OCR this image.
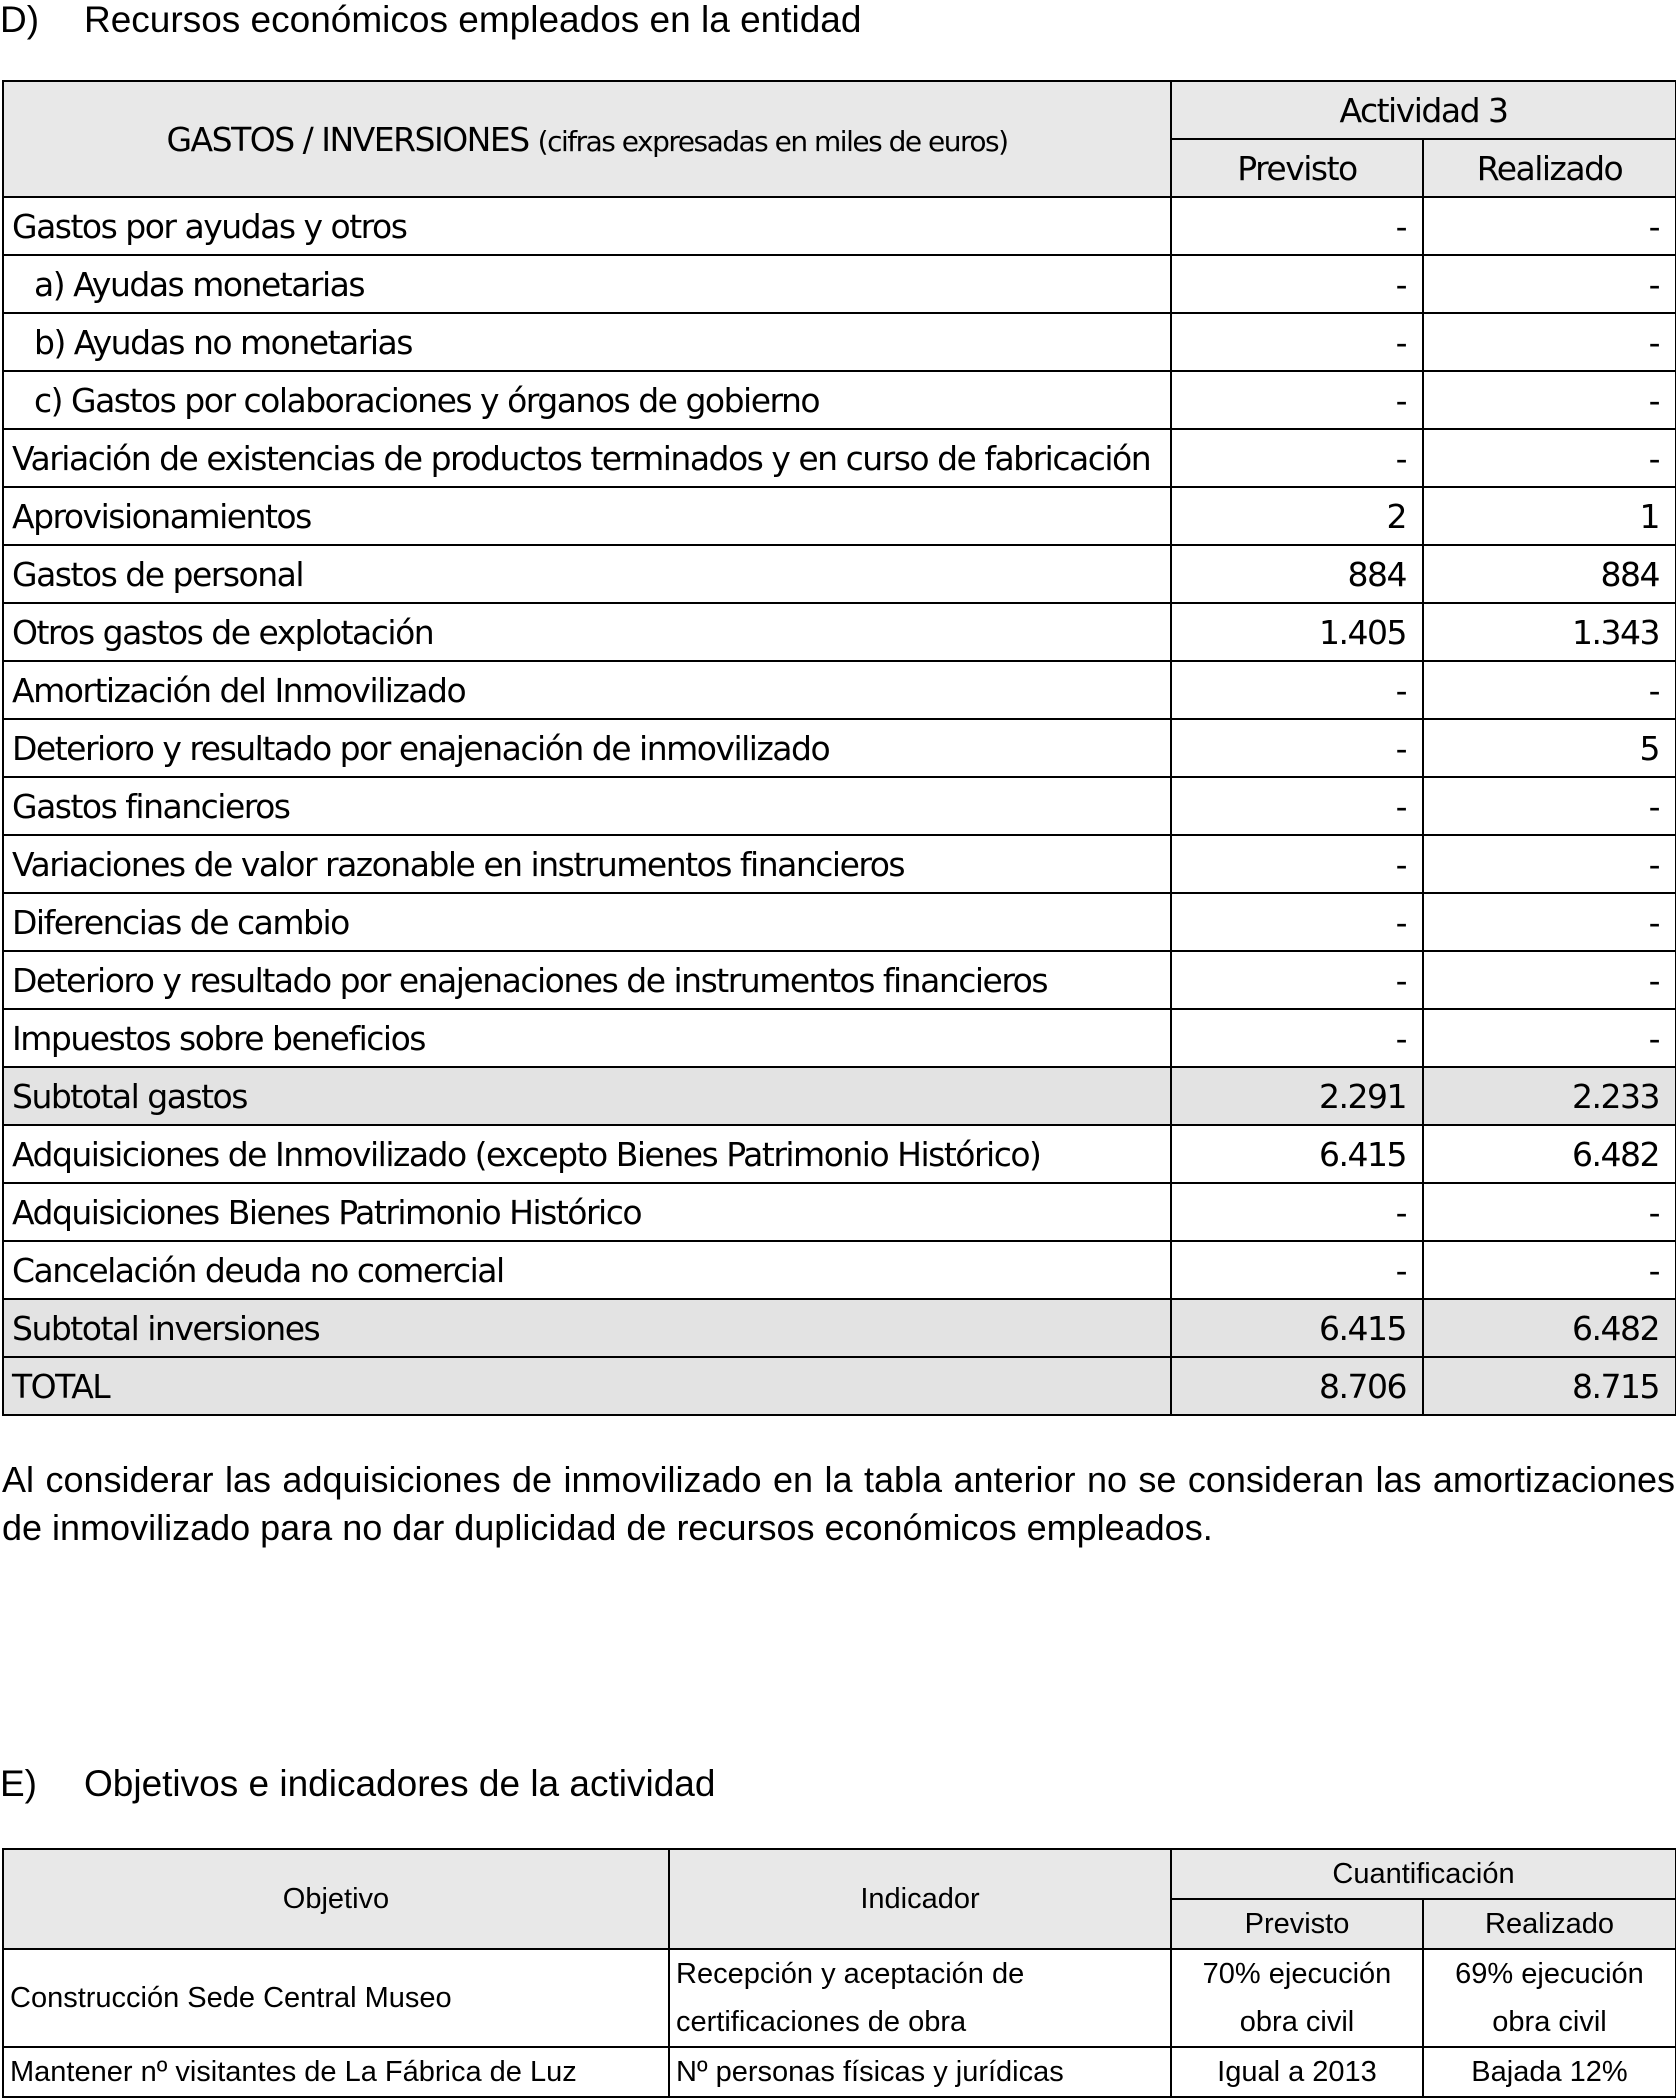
D) Recursos económicos empleados en la entidad
GASTOS / INVERSIONES (cifras expresadas en miles de euros)	Actividad 3	
	Previsto	Realizado
Gastos por ayudas y otros	-	-
a) Ayudas monetarias	-	-
b) Ayudas no monetarias	-	-
c) Gastos por colaboraciones y órganos de gobierno	-	-
Variación de existencias de productos terminados y en curso de fabricación	-	-
Aprovisionamientos	2	1
Gastos de personal	884	884
Otros gastos de explotación	1.405	1.343
Amortización del Inmovilizado	-	-
Deterioro y resultado por enajenación de inmovilizado	-	5
Gastos financieros	-	-
Variaciones de valor razonable en instrumentos financieros	-	-
Diferencias de cambio	-	-
Deterioro y resultado por enajenaciones de instrumentos financieros	-	-
Impuestos sobre beneficios	-	-
Subtotal gastos	2.291	2.233
Adquisiciones de Inmovilizado (excepto Bienes Patrimonio Histórico)	6.415	6.482
Adquisiciones Bienes Patrimonio Histórico	-	-
Cancelación deuda no comercial	-	-
Subtotal inversiones	6.415	6.482
TOTAL	8.706	8.715

Al considerar las adquisiciones de inmovilizado en la tabla anterior no se consideran las amortizaciones de inmovilizado para no dar duplicidad de recursos económicos empleados.

E) Objetivos e indicadores de la actividad
Objetivo	Indicador	Cuantificación	
		Previsto	Realizado
Construcción Sede Central Museo	Recepción y aceptación de certificaciones de obra	70% ejecución obra civil	69% ejecución obra civil
Mantener nº visitantes de La Fábrica de Luz	Nº personas físicas y jurídicas	Igual a 2013	Bajada 12%
